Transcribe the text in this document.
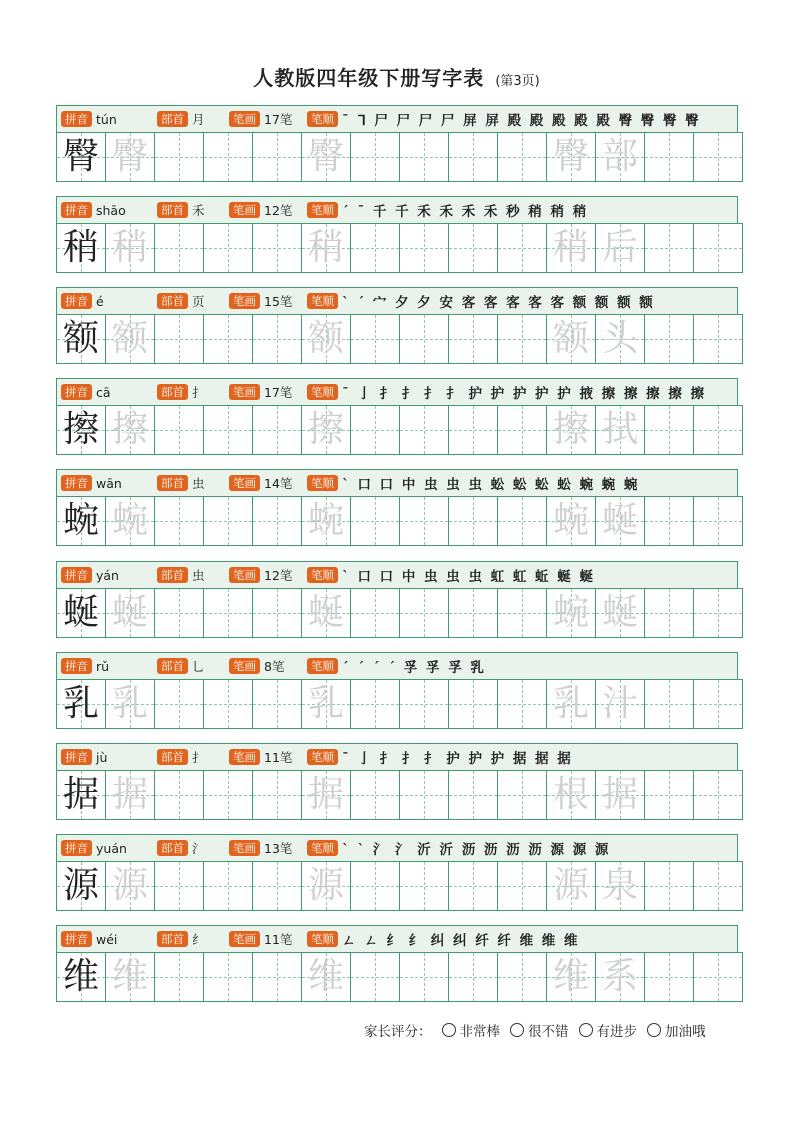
人教版四年级下册写字表 (第3页)
拼音 tún	部首 月	笔画 17笔	笔顺 ˉ ᒣ 尸 尸 尸 尸 屏 屏 殿 殿 殿 殿 殿 臀 臀 臀 臀
臀 臀	臀	臀 部
拼音 shāo	部首 禾	笔画 12笔	笔顺 ˊ ˉ 千 千 禾 禾 禾 禾 秒 稍 稍 稍
稍 稍	稍	稍 后
拼音 é	部首 页	笔画 15笔	笔顺 ˋ ˊ 宀 夕 夕 安 客 客 客 客 客 额 额 额 额
额 额	额	额 头
拼音 cā	部首 扌	笔画 17笔	笔顺 ˉ 亅 扌 扌 扌 扌 护 护 护 护 护 掖 擦 擦 擦 擦 擦
擦 擦	擦	擦 拭
拼音 wān	部首 虫	笔画 14笔	笔顺 ˋ 口 口 中 虫 虫 虫 蚣 蚣 蚣 蚣 蜿 蜿 蜿
蜿 蜿	蜿	蜿 蜒
拼音 yán	部首 虫	笔画 12笔	笔顺 ˋ 口 口 中 虫 虫 虫 虹 虹 蚯 蜒 蜒
蜒 蜒	蜒	蜿 蜒
拼音 rǔ	部首 乚	笔画 8笔	笔顺 ˊ ˊ ˊ ˊ 孚 孚 孚 乳
乳 乳	乳	乳 汁
拼音 jù	部首 扌	笔画 11笔	笔顺 ˉ 亅 扌 扌 扌 护 护 护 据 据 据
据 据	据	根 据
拼音 yuán	部首 氵	笔画 13笔	笔顺 ˋ ˋ 氵 氵 沂 沂 沥 沥 沥 沥 源 源 源
源 源	源	源 泉
拼音 wéi	部首 纟	笔画 11笔	笔顺 ㄥ ㄥ 纟 纟 纠 纠 纤 纤 维 维 维
维 维	维	维 系
家长评分： 非常棒 很不错 有进步 加油哦
